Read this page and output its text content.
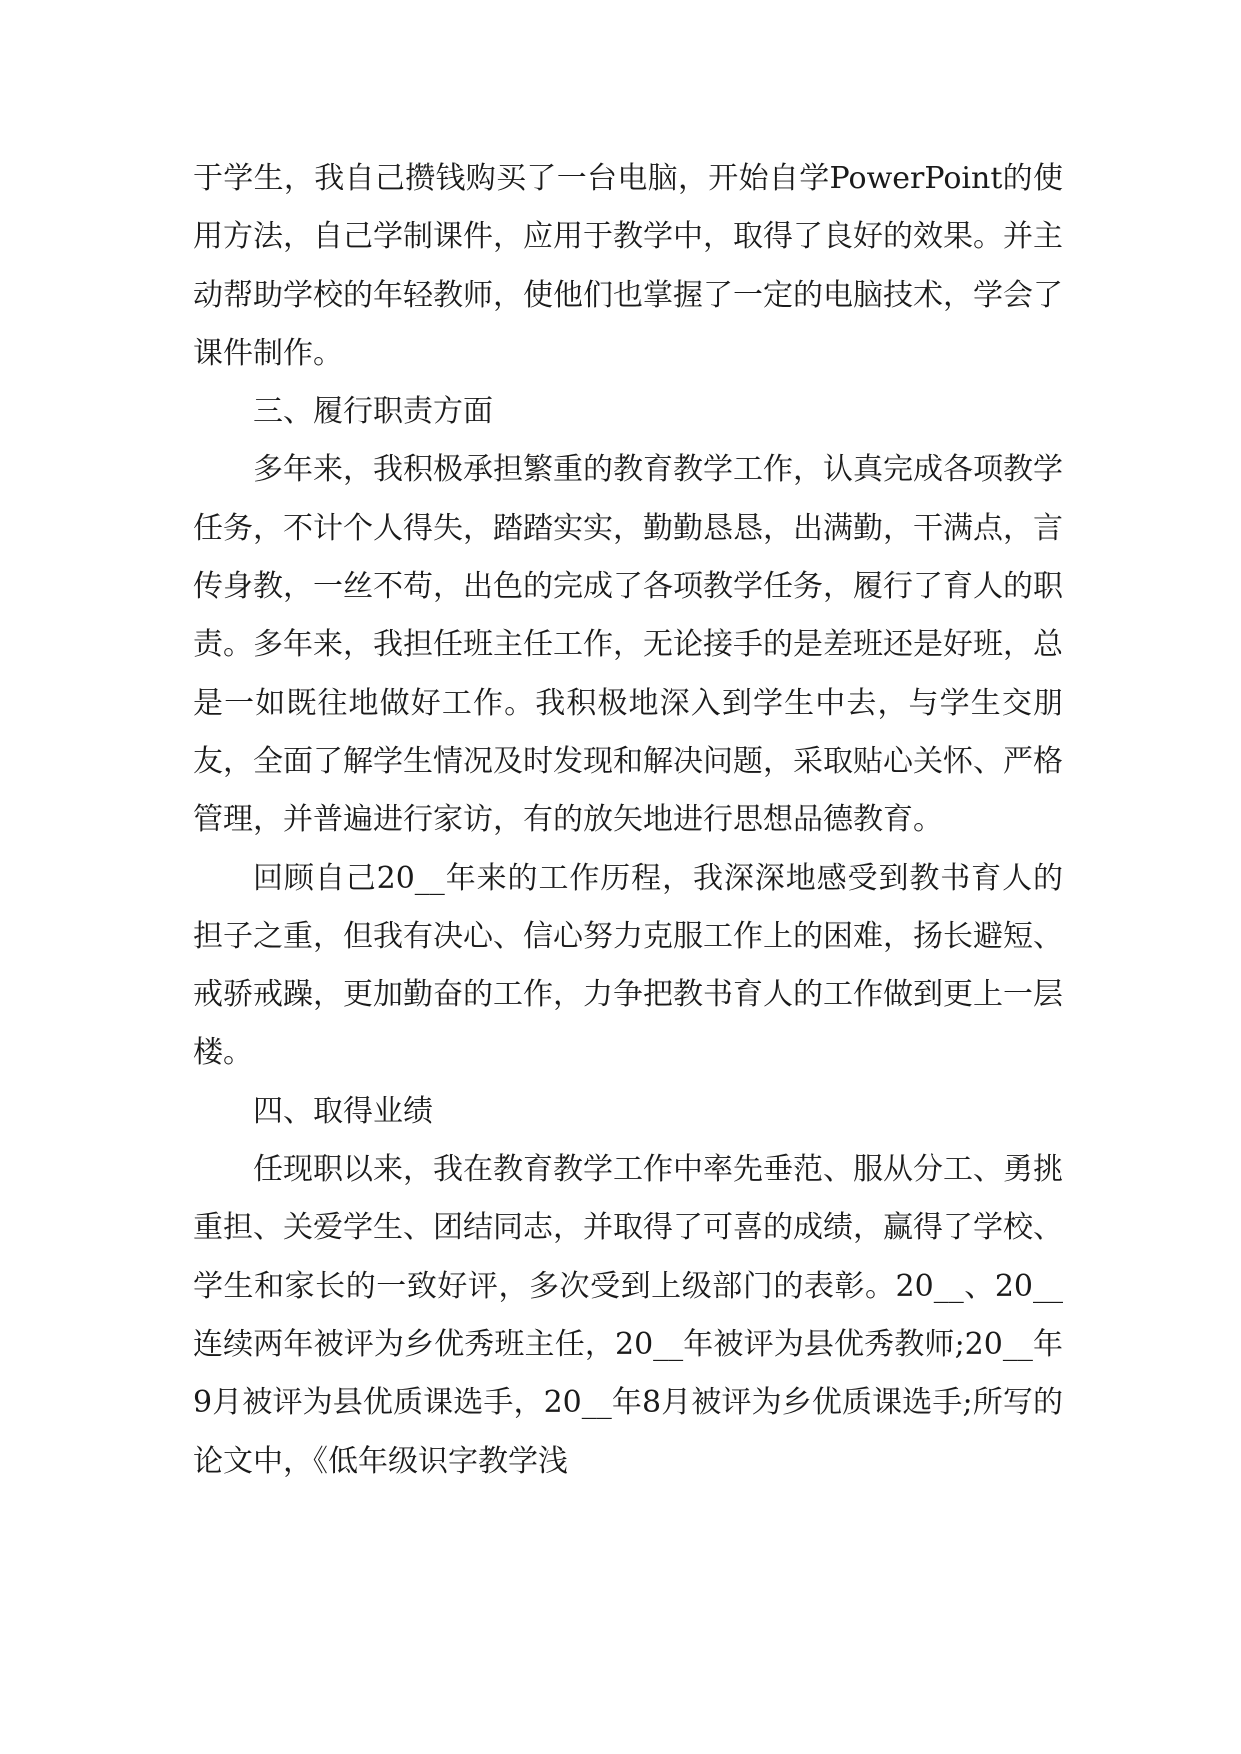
于学生，我自己攒钱购买了一台电脑，开始自学PowerPoint的使用方法，自己学制课件，应用于教学中，取得了良好的效果。并主动帮助学校的年轻教师，使他们也掌握了一定的电脑技术，学会了课件制作。

三、履行职责方面

多年来，我积极承担繁重的教育教学工作，认真完成各项教学任务，不计个人得失，踏踏实实，勤勤恳恳，出满勤，干满点，言传身教，一丝不苟，出色的完成了各项教学任务，履行了育人的职责。多年来，我担任班主任工作，无论接手的是差班还是好班，总是一如既往地做好工作。我积极地深入到学生中去，与学生交朋友，全面了解学生情况及时发现和解决问题，采取贴心关怀、严格管理，并普遍进行家访，有的放矢地进行思想品德教育。

回顾自己20__年来的工作历程，我深深地感受到教书育人的担子之重，但我有决心、信心努力克服工作上的困难，扬长避短、戒骄戒躁，更加勤奋的工作，力争把教书育人的工作做到更上一层楼。

四、取得业绩

任现职以来，我在教育教学工作中率先垂范、服从分工、勇挑重担、关爱学生、团结同志，并取得了可喜的成绩，赢得了学校、学生和家长的一致好评，多次受到上级部门的表彰。20__、20__连续两年被评为乡优秀班主任，20__年被评为县优秀教师;20__年9月被评为县优质课选手，20__年8月被评为乡优质课选手;所写的论文中，《低年级识字教学浅
